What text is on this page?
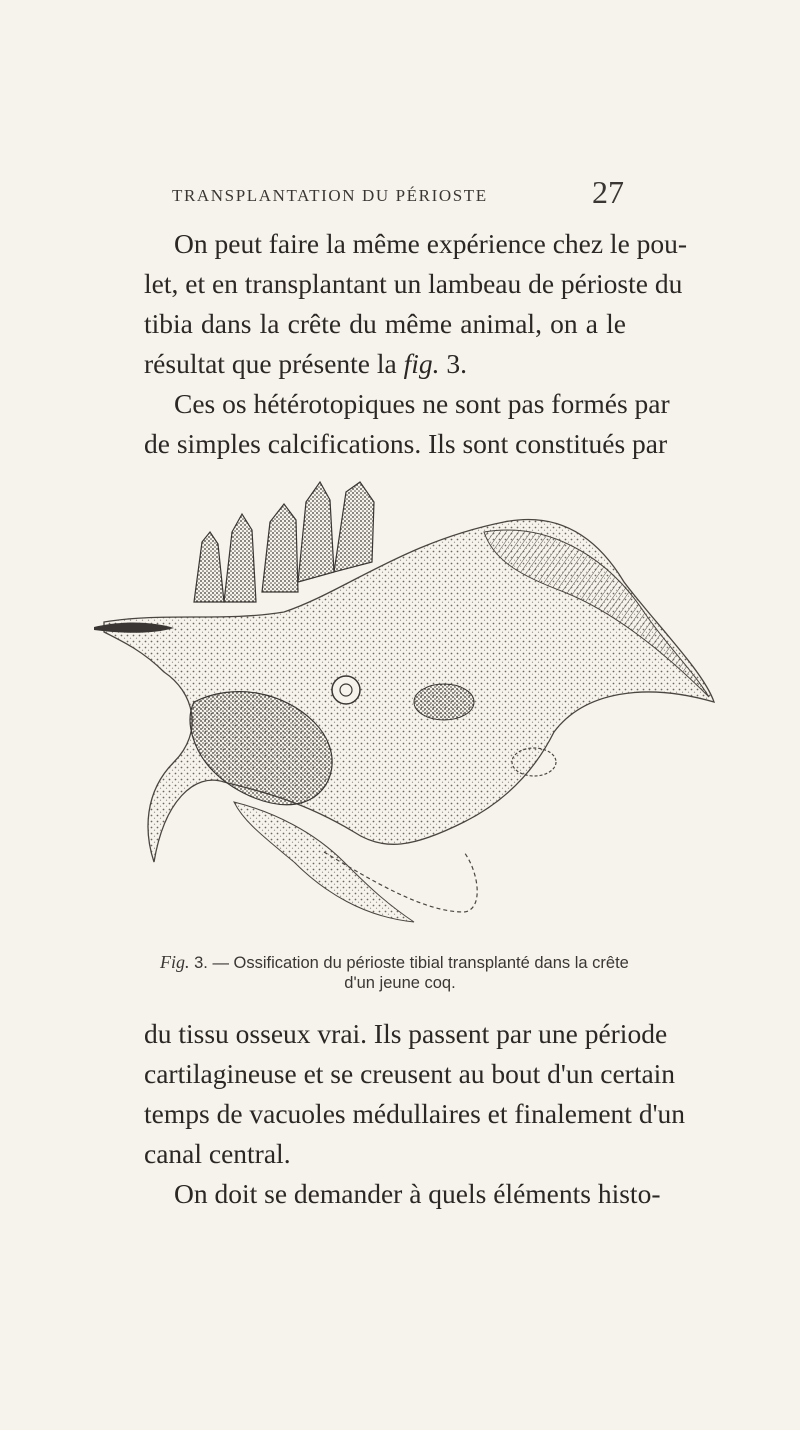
TRANSPLANTATION DU PÉRIOSTE	27
On peut faire la même expérience chez le pou-
let, et en transplantant un lambeau de périoste du
tibia dans la crête du même animal, on a le
résultat que présente la fig. 3.
Ces os hétérotopiques ne sont pas formés par
de simples calcifications. Ils sont constitués par
Fig. 3. — Ossification du périoste tibial transplanté dans la crête
d'un jeune coq.
du tissu osseux vrai. Ils passent par une période
cartilagineuse et se creusent au bout d'un certain
temps de vacuoles médullaires et finalement d'un
canal central.
On doit se demander à quels éléments histo-
